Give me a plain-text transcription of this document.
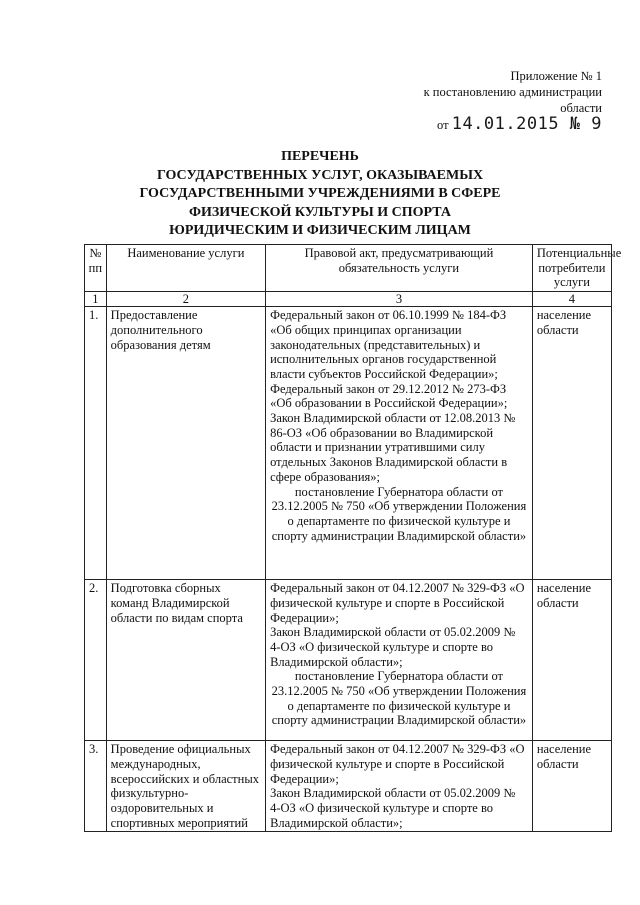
Приложение № 1
к постановлению администрации
области
от 14.01.2015 № 9
ПЕРЕЧЕНЬ
ГОСУДАРСТВЕННЫХ УСЛУГ, ОКАЗЫВАЕМЫХ
ГОСУДАРСТВЕННЫМИ УЧРЕЖДЕНИЯМИ В СФЕРЕ
ФИЗИЧЕСКОЙ КУЛЬТУРЫ И СПОРТА
ЮРИДИЧЕСКИМ И ФИЗИЧЕСКИМ ЛИЦАМ
№ пп	Наименование услуги	Правовой акт, предусматривающий обязательность услуги	Потенциальные потребители услуги
1	2	3	4
1.	Предоставление дополнительного образования детям	Федеральный закон от 06.10.1999 № 184-ФЗ «Об общих принципах организации законодательных (представительных) и исполнительных органов государственной власти субъектов Российской Федерации»;
Федеральный закон от 29.12.2012 № 273-ФЗ «Об образовании в Российской Федерации»;
Закон Владимирской области от 12.08.2013 № 86-ОЗ «Об образовании во Владимирской области и признании утратившими силу отдельных Законов Владимирской области в сфере образования»;
постановление Губернатора области от 23.12.2005 № 750 «Об утверждении Положения о департаменте по физической культуре и спорту администрации Владимирской области»	население области
2.	Подготовка сборных команд Владимирской области по видам спорта	Федеральный закон от 04.12.2007 № 329-ФЗ «О физической культуре и спорте в Российской Федерации»;
Закон Владимирской области от 05.02.2009 № 4-ОЗ «О физической культуре и спорте во Владимирской области»;
постановление Губернатора области от 23.12.2005 № 750 «Об утверждении Положения о департаменте по физической культуре и спорту администрации Владимирской области»	население области
3.	Проведение официальных международных, всероссийских и областных физкультурно-оздоровительных и спортивных мероприятий	Федеральный закон от 04.12.2007 № 329-ФЗ «О физической культуре и спорте в Российской Федерации»;
Закон Владимирской области от 05.02.2009 № 4-ОЗ «О физической культуре и спорте во Владимирской области»;	население области
